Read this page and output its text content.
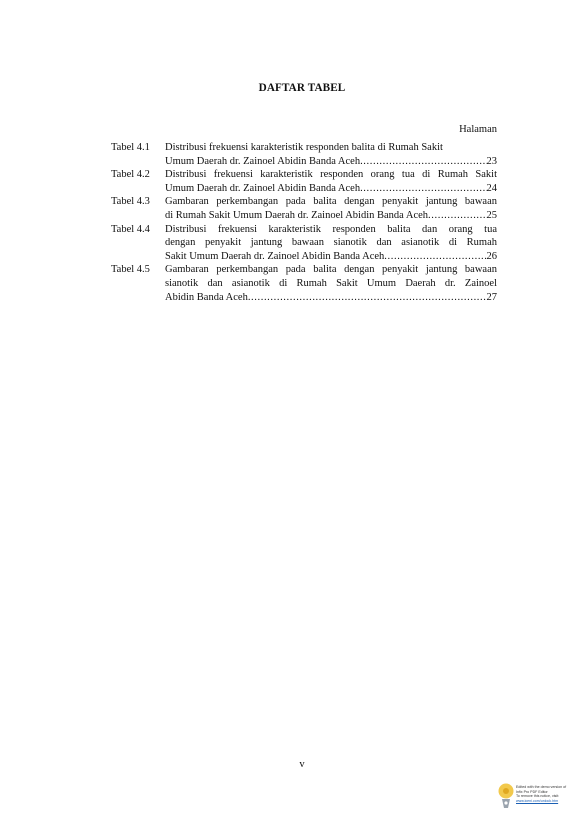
DAFTAR TABEL
Halaman
Tabel 4.1	Distribusi frekuensi karakteristik responden balita di Rumah Sakit
Umum Daerah dr. Zainoel Abidin Banda Aceh .....	23
Tabel 4.2	Distribusi frekuensi karakteristik responden orang tua di Rumah Sakit
Umum Daerah dr. Zainoel Abidin Banda Aceh .....	24
Tabel 4.3	Gambaran perkembangan pada balita dengan penyakit jantung bawaan
di Rumah Sakit Umum Daerah dr. Zainoel Abidin Banda Aceh .....	25
Tabel 4.4	Distribusi frekuensi karakteristik responden balita dan orang tua
dengan penyakit jantung bawaan sianotik dan asianotik di Rumah
Sakit Umum Daerah dr. Zainoel Abidin Banda Aceh .....	26
Tabel 4.5	Gambaran perkembangan pada balita dengan penyakit jantung bawaan
sianotik dan asianotik di Rumah Sakit Umum Daerah dr. Zainoel
Abidin Banda Aceh .....	27
v
Edited with the demo version of
Infix Pro PDF Editor
To remove this notice, visit:
www.iceni.com/unlock.htm
